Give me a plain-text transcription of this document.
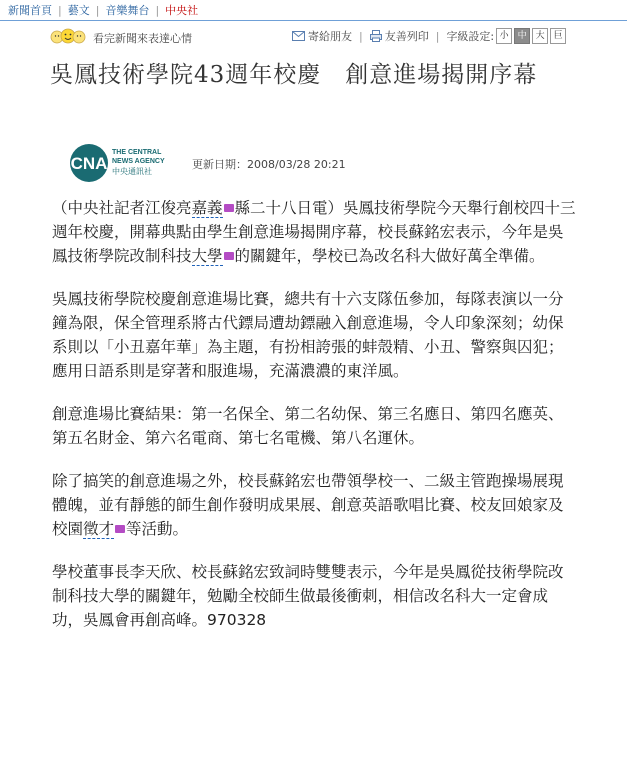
新聞首頁 | 藝文 | 音樂舞台 | 中央社
看完新聞來表達心情	寄給朋友 | 友善列印 | 字級設定: 小 中 大 巨
吳鳳技術學院43週年校慶　創意進場揭開序幕
CNA
THE CENTRAL
NEWS AGENCY
中央通訊社
更新日期：2008/03/28 20:21

（中央社記者江俊亮嘉義 縣二十八日電）吳鳳技術學院今天舉行創校四十三週年校慶，開幕典點由學生創意進場揭開序幕，校長蘇銘宏表示，今年是吳鳳技術學院改制科技大學 的關鍵年，學校已為改名科大做好萬全準備。

吳鳳技術學院校慶創意進場比賽，總共有十六支隊伍參加，每隊表演以一分鐘為限，保全管理系將古代鏢局遭劫鏢融入創意進場，令人印象深刻；幼保系則以「小丑嘉年華」為主題，有扮相誇張的蚌殼精、小丑、警察與囚犯；應用日語系則是穿著和服進場，充滿濃濃的東洋風。

創意進場比賽結果：第一名保全、第二名幼保、第三名應日、第四名應英、第五名財金、第六名電商、第七名電機、第八名運休。

除了搞笑的創意進場之外，校長蘇銘宏也帶領學校一、二級主管跑操場展現體魄，並有靜態的師生創作發明成果展、創意英語歌唱比賽、校友回娘家及校園徵才 等活動。

學校董事長李天欣、校長蘇銘宏致詞時雙雙表示，今年是吳鳳從技術學院改制科技大學的關鍵年，勉勵全校師生做最後衝刺，相信改名科大一定會成功，吳鳳會再創高峰。970328
